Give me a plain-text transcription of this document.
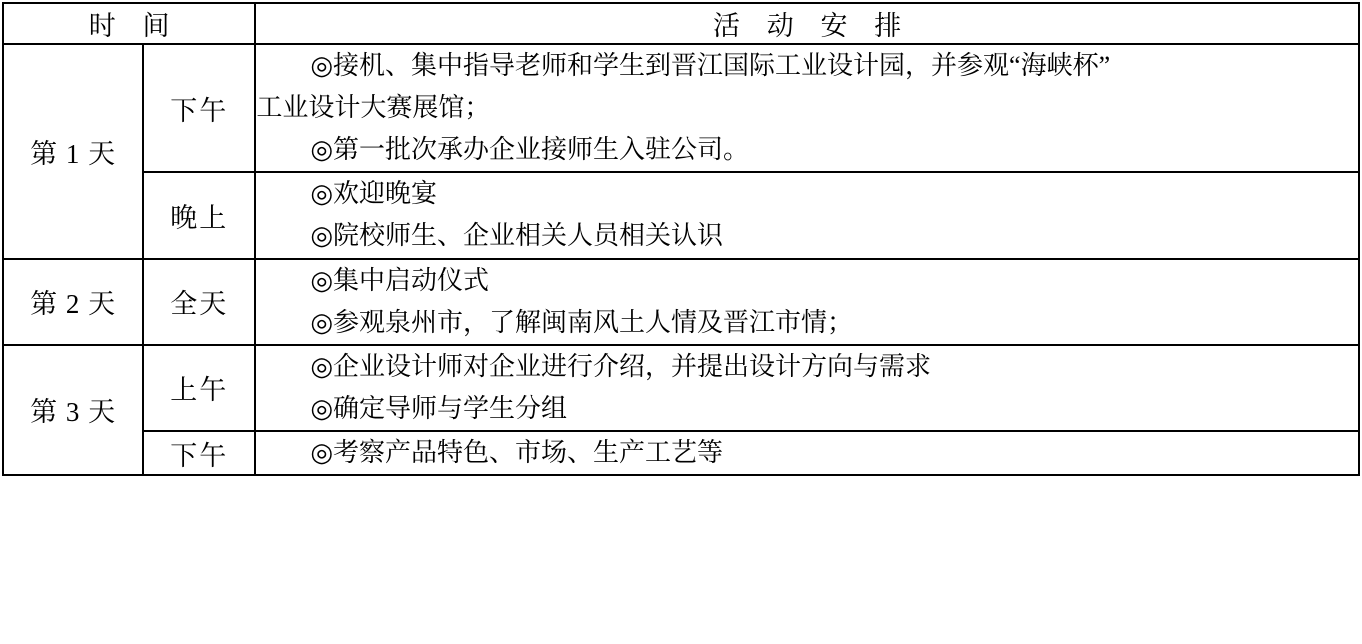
时 间		活 动 安 排
第 1 天	下午	◎接机、集中指导老师和学生到晋江国际工业设计园，并参观“海峡杯”

工业设计大赛展馆；

◎第一批次承办企业接师生入驻公司。

	晚上	◎欢迎晚宴

◎院校师生、企业相关人员相关认识

第 2 天	全天	◎集中启动仪式

◎参观泉州市，了解闽南风土人情及晋江市情；

第 3 天	上午	◎企业设计师对企业进行介绍，并提出设计方向与需求

◎确定导师与学生分组

	下午	◎考察产品特色、市场、生产工艺等
